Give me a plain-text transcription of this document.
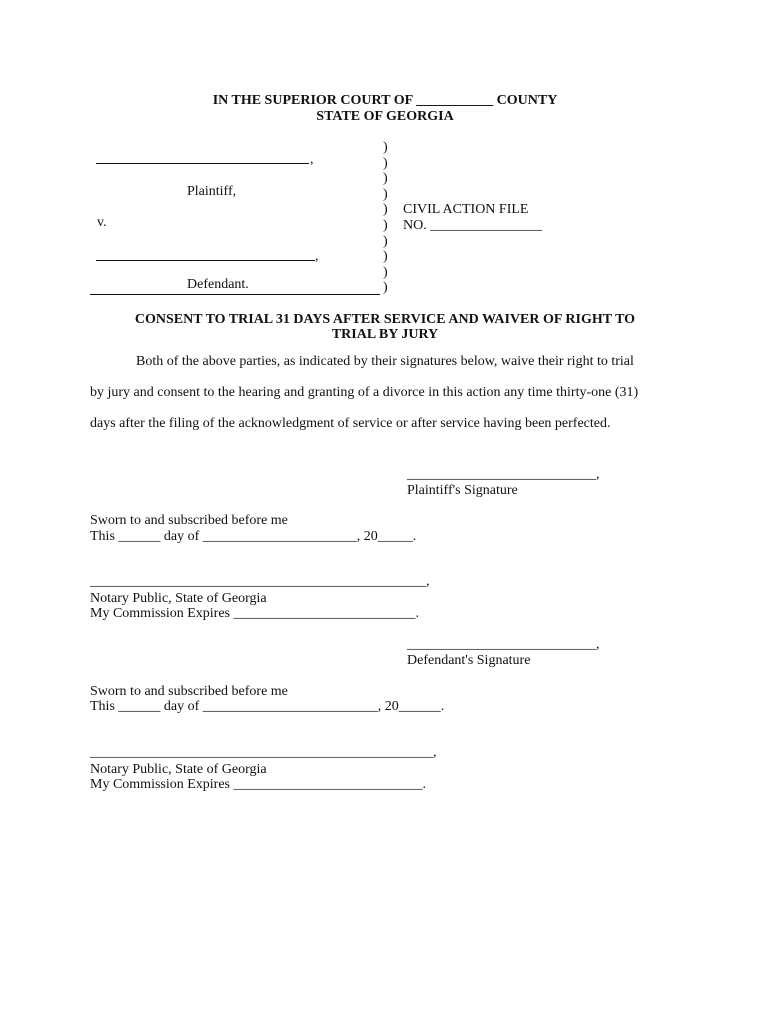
IN THE SUPERIOR COURT OF ___________ COUNTY
STATE OF GEORGIA
,
Plaintiff,
v.
,
Defendant.
)
)
)
)
)
)
)
)
)
)
CIVIL ACTION FILE
NO. ________________
CONSENT TO TRIAL 31 DAYS AFTER SERVICE AND WAIVER OF RIGHT TO
TRIAL BY JURY
Both of the above parties, as indicated by their signatures below, waive their right to trial
by jury and consent to the hearing and granting of a divorce in this action any time thirty-one (31)
days after the filing of the acknowledgment of service or after service having been perfected.
___________________________,
Plaintiff's Signature
Sworn to and subscribed before me
This ______ day of ______________________, 20_____.
________________________________________________,
Notary Public, State of Georgia
My Commission Expires __________________________.
___________________________,
Defendant's Signature
Sworn to and subscribed before me
This ______ day of _________________________, 20______.
_________________________________________________,
Notary Public, State of Georgia
My Commission Expires ___________________________.
